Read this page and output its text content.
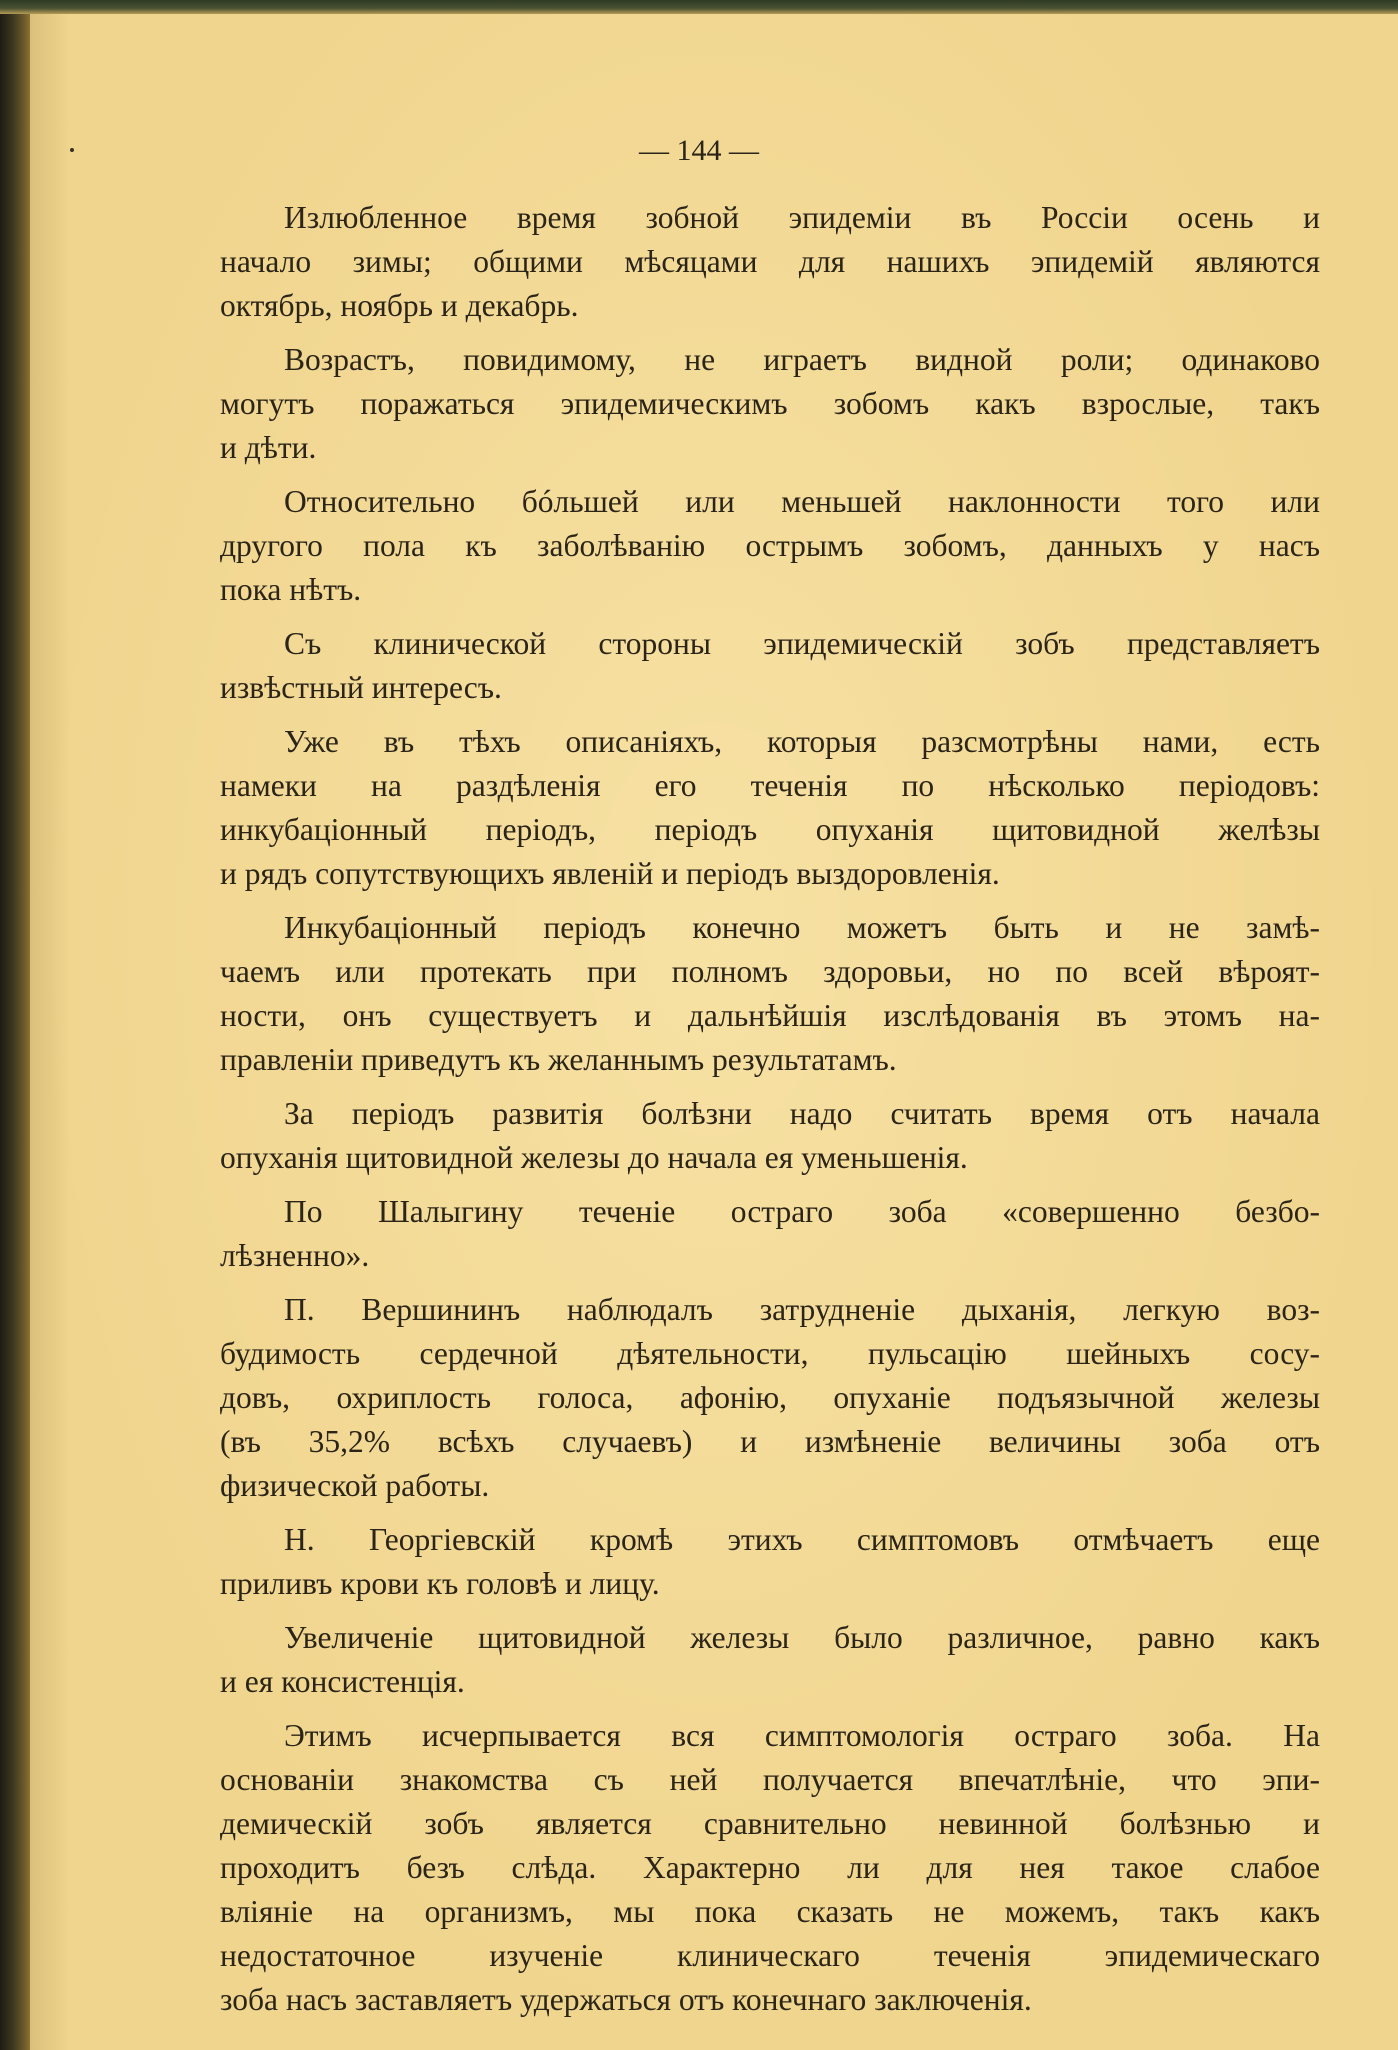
— 144 —
Излюбленное время зобной эпидеміи въ Россіи осень и
начало зимы; общими мѣсяцами для нашихъ эпидемій являются
октябрь, ноябрь и декабрь.
Возрастъ, повидимому, не играетъ видной роли; одинаково
могутъ поражаться эпидемическимъ зобомъ какъ взрослые, такъ
и дѣти.
Относительно бóльшей или меньшей наклонности того или
другого пола къ заболѣванію острымъ зобомъ, данныхъ у насъ
пока нѣтъ.
Съ клинической стороны эпидемическій зобъ представляетъ
извѣстный интересъ.
Уже въ тѣхъ описаніяхъ, которыя разсмотрѣны нами, есть
намеки на раздѣленія его теченія по нѣсколько періодовъ:
инкубаціонный періодъ, періодъ опуханія щитовидной желѣзы
и рядъ сопутствующихъ явленій и періодъ выздоровленія.
Инкубаціонный періодъ конечно можетъ быть и не замѣ-
чаемъ или протекать при полномъ здоровьи, но по всей вѣроят-
ности, онъ существуетъ и дальнѣйшія изслѣдованія въ этомъ на-
правленіи приведутъ къ желаннымъ результатамъ.
За періодъ развитія болѣзни надо считать время отъ начала
опуханія щитовидной железы до начала ея уменьшенія.
По Шалыгину теченіе остраго зоба «совершенно безбо-
лѣзненно».
П. Вершининъ наблюдалъ затрудненіе дыханія, легкую воз-
будимость сердечной дѣятельности, пульсацію шейныхъ сосу-
довъ, охриплость голоса, афонію, опуханіе подъязычной железы
(въ 35,2% всѣхъ случаевъ) и измѣненіе величины зоба отъ
физической работы.
Н. Георгіевскій кромѣ этихъ симптомовъ отмѣчаетъ еще
приливъ крови къ головѣ и лицу.
Увеличеніе щитовидной железы было различное, равно какъ
и ея консистенція.
Этимъ исчерпывается вся симптомологія остраго зоба. На
основаніи знакомства съ ней получается впечатлѣніе, что эпи-
демическій зобъ является сравнительно невинной болѣзнью и
проходитъ безъ слѣда. Характерно ли для нея такое слабое
вліяніе на организмъ, мы пока сказать не можемъ, такъ какъ
недостаточное изученіе клиническаго теченія эпидемическаго
зоба насъ заставляетъ удержаться отъ конечнаго заключенія.
